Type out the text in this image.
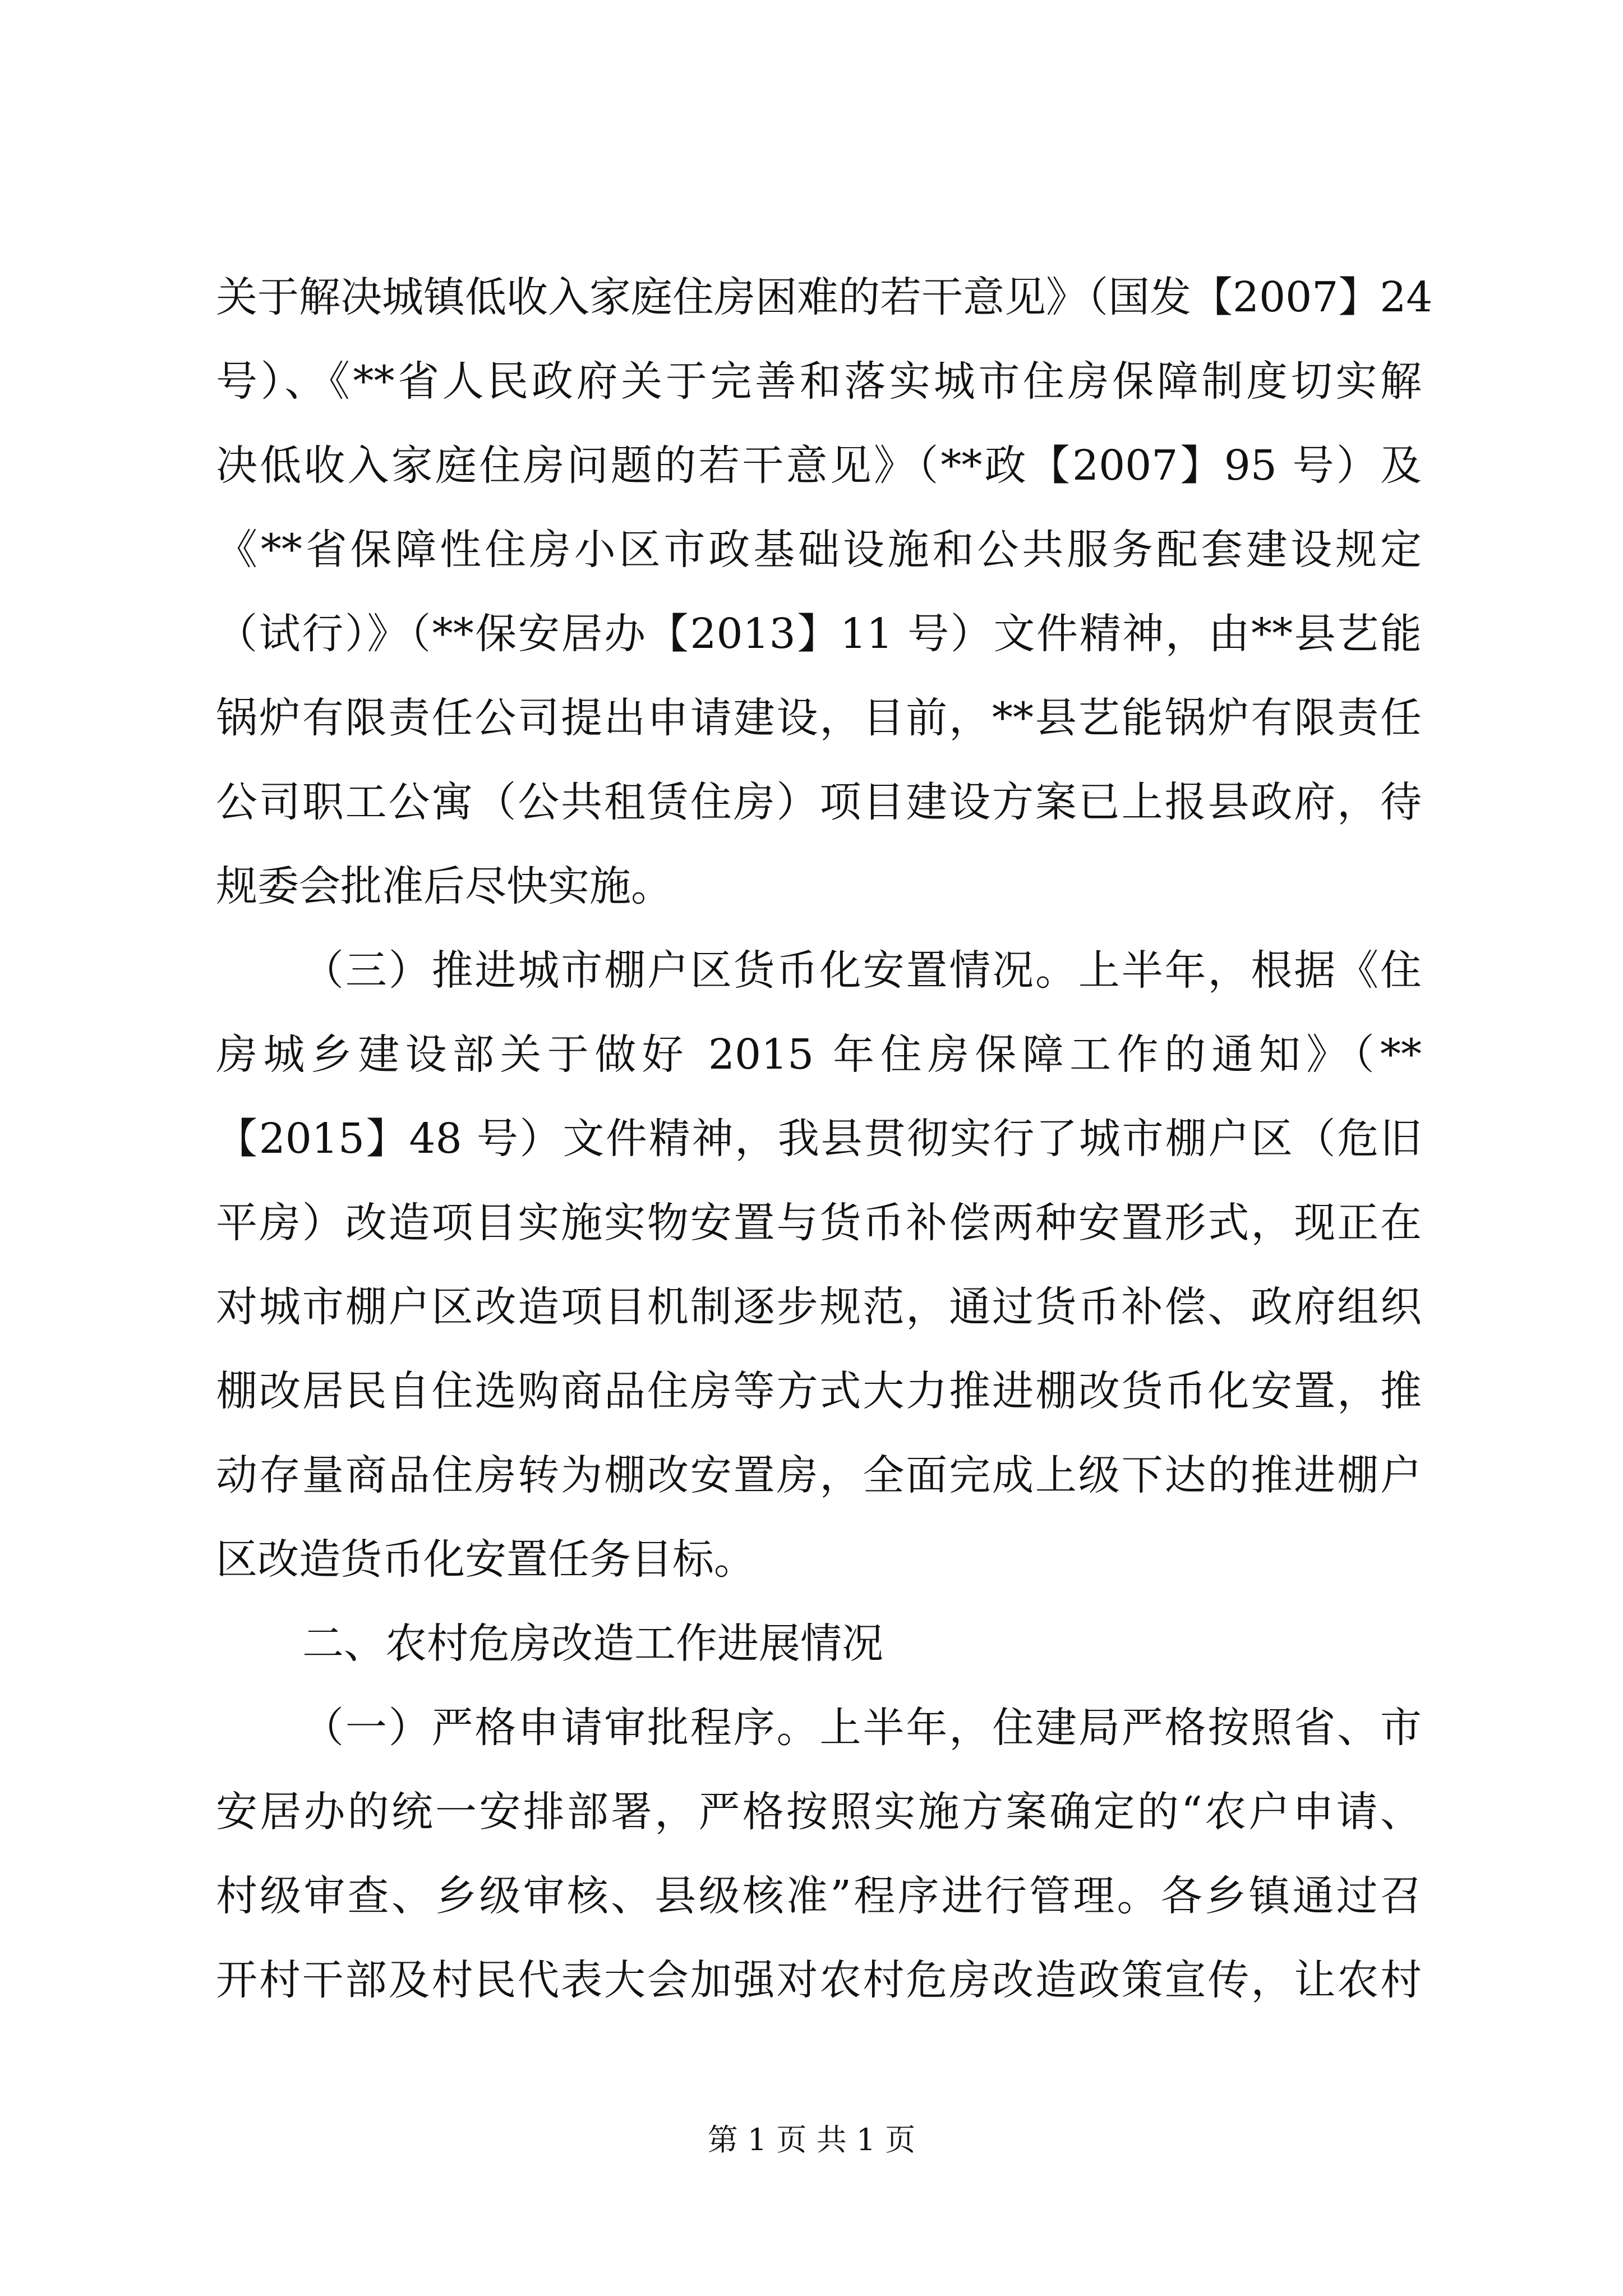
关于解决城镇低收入家庭住房困难的若干意见》（国发【2007】24
号）、《**省人民政府关于完善和落实城市住房保障制度切实解
决低收入家庭住房问题的若干意见》（**政【2007】95 号）及
《**省保障性住房小区市政基础设施和公共服务配套建设规定
（试行）》（**保安居办【2013】11 号）文件精神，由**县艺能
锅炉有限责任公司提出申请建设，目前，**县艺能锅炉有限责任
公司职工公寓（公共租赁住房）项目建设方案已上报县政府，待
规委会批准后尽快实施。
（三）推进城市棚户区货币化安置情况。上半年，根据《住
房城乡建设部关于做好 2015 年住房保障工作的通知》（**
【2015】48 号）文件精神，我县贯彻实行了城市棚户区（危旧
平房）改造项目实施实物安置与货币补偿两种安置形式，现正在
对城市棚户区改造项目机制逐步规范，通过货币补偿、政府组织
棚改居民自住选购商品住房等方式大力推进棚改货币化安置，推
动存量商品住房转为棚改安置房，全面完成上级下达的推进棚户
区改造货币化安置任务目标。
二、农村危房改造工作进展情况
（一）严格申请审批程序。上半年，住建局严格按照省、市
安居办的统一安排部署，严格按照实施方案确定的“农户申请、
村级审查、乡级审核、县级核准”程序进行管理。各乡镇通过召
开村干部及村民代表大会加强对农村危房改造政策宣传，让农村
第 1 页 共 1 页
